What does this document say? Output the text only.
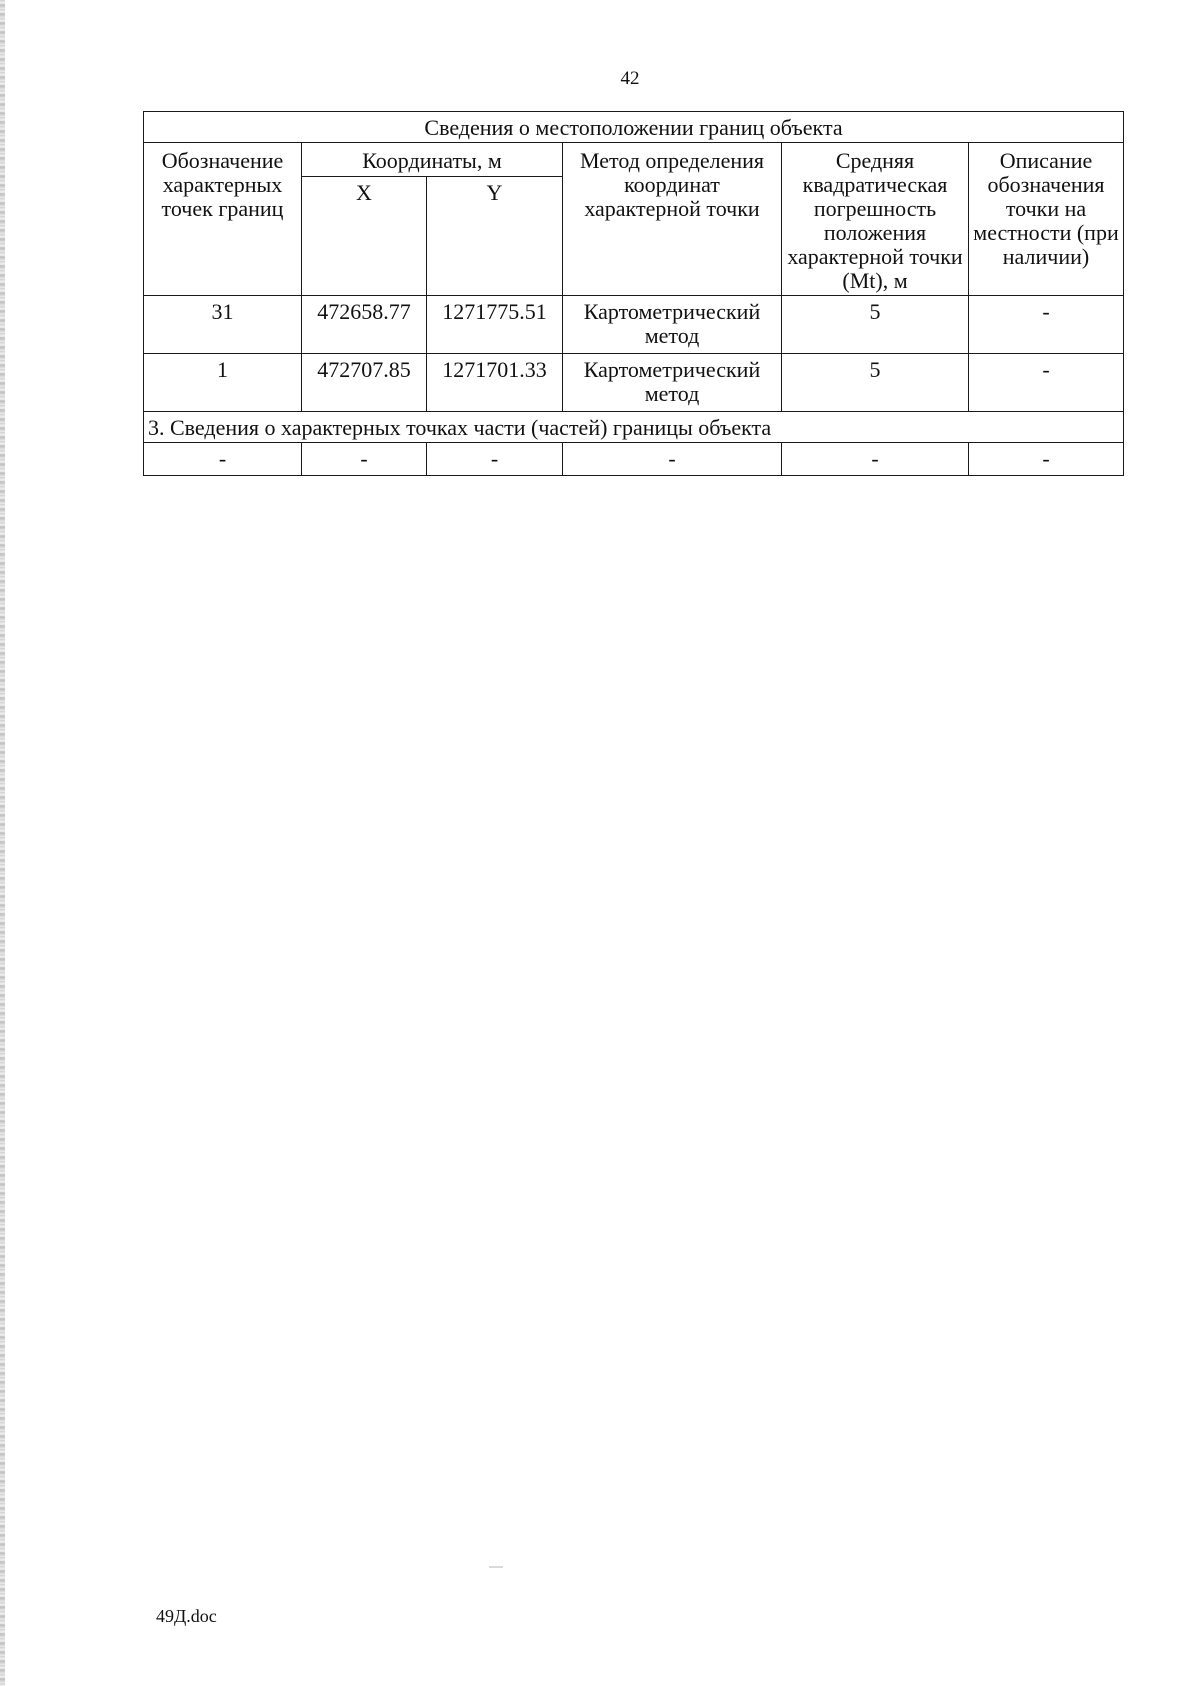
42
Сведения о местоположении границ объекта					
Обозначение характерных точек границ	Координаты, м		Метод определения координат характерной точки	Средняя квадратическая погрешность положения характерной точки (Mt), м	Описание обозначения точки на местности (при наличии)
	X	Y			
31	472658.77	1271775.51	Картометрический метод	5	-
1	472707.85	1271701.33	Картометрический метод	5	-
3. Сведения о характерных точках части (частей) границы объекта					
-	-	-	-	-	-
49Д.doc
